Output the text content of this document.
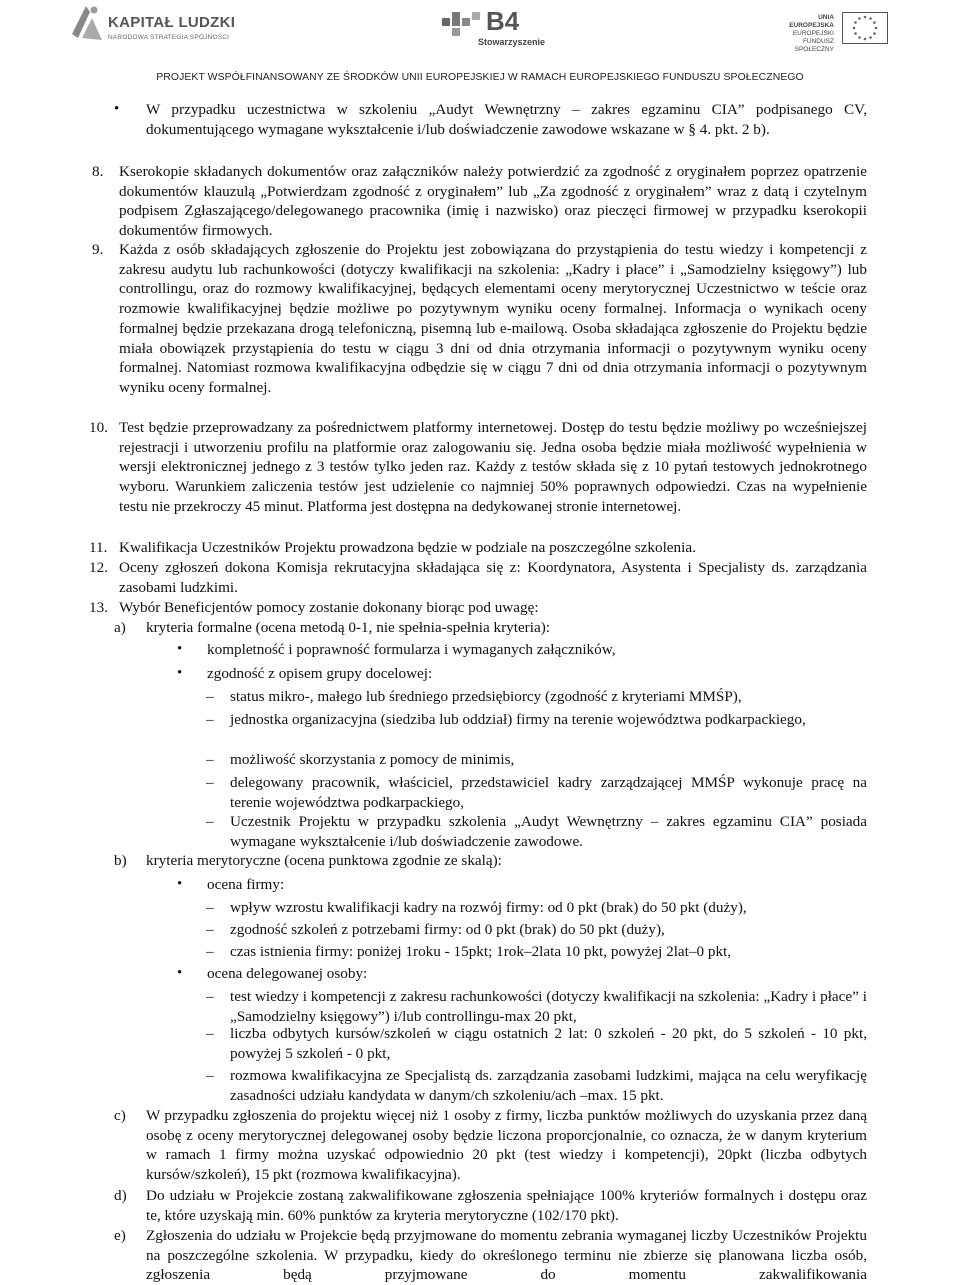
KAPITAŁ LUDZKI
NARODOWA STRATEGIA SPÓJNOŚCI
B4
Stowarzyszenie
UNIA EUROPEJSKA
EUROPEJSKI
FUNDUSZ SPOŁECZNY
PROJEKT WSPÓŁFINANSOWANY ZE ŚRODKÓW UNII EUROPEJSKIEJ W RAMACH EUROPEJSKIEGO FUNDUSZU SPOŁECZNEGO
• W przypadku uczestnictwa w szkoleniu „Audyt Wewnętrzny – zakres egzaminu CIA” podpisanego CV, dokumentującego wymagane wykształcenie i/lub doświadczenie zawodowe wskazane w § 4. pkt. 2 b).

8. Kserokopie składanych dokumentów oraz załączników należy potwierdzić za zgodność z oryginałem poprzez opatrzenie dokumentów klauzulą „Potwierdzam zgodność z oryginałem” lub „Za zgodność z oryginałem” wraz z datą i czytelnym podpisem Zgłaszającego/delegowanego pracownika (imię i nazwisko) oraz pieczęci firmowej w przypadku kserokopii dokumentów firmowych.

9. Każda z osób składających zgłoszenie do Projektu jest zobowiązana do przystąpienia do testu wiedzy i kompetencji z zakresu audytu lub rachunkowości (dotyczy kwalifikacji na szkolenia: „Kadry i płace” i „Samodzielny księgowy”) lub controllingu, oraz do rozmowy kwalifikacyjnej, będących elementami oceny merytorycznej Uczestnictwo w teście oraz rozmowie kwalifikacyjnej będzie możliwe po pozytywnym wyniku oceny formalnej. Informacja o wynikach oceny formalnej będzie przekazana drogą telefoniczną, pisemną lub e-mailową. Osoba składająca zgłoszenie do Projektu będzie miała obowiązek przystąpienia do testu w ciągu 3 dni od dnia otrzymania informacji o pozytywnym wyniku oceny formalnej. Natomiast rozmowa kwalifikacyjna odbędzie się w ciągu 7 dni od dnia otrzymania informacji o pozytywnym wyniku oceny formalnej.

10. Test będzie przeprowadzany za pośrednictwem platformy internetowej. Dostęp do testu będzie możliwy po wcześniejszej rejestracji i utworzeniu profilu na platformie oraz zalogowaniu się. Jedna osoba będzie miała możliwość wypełnienia w wersji elektronicznej jednego z 3 testów tylko jeden raz. Każdy z testów składa się z 10 pytań testowych jednokrotnego wyboru. Warunkiem zaliczenia testów jest udzielenie co najmniej 50% poprawnych odpowiedzi. Czas na wypełnienie testu nie przekroczy 45 minut. Platforma jest dostępna na dedykowanej stronie internetowej.

11. Kwalifikacja Uczestników Projektu prowadzona będzie w podziale na poszczególne szkolenia.

12. Oceny zgłoszeń dokona Komisja rekrutacyjna składająca się z: Koordynatora, Asystenta i Specjalisty ds. zarządzania zasobami ludzkimi.

13. Wybór Beneficjentów pomocy zostanie dokonany biorąc pod uwagę:

a) kryteria formalne (ocena metodą 0-1, nie spełnia-spełnia kryteria):

• kompletność i poprawność formularza i wymaganych załączników,

• zgodność z opisem grupy docelowej:

– status mikro-, małego lub średniego przedsiębiorcy (zgodność z kryteriami MMŚP),

– jednostka organizacyjna (siedziba lub oddział) firmy na terenie województwa podkarpackiego,

– możliwość skorzystania z pomocy de minimis,

– delegowany pracownik, właściciel, przedstawiciel kadry zarządzającej MMŚP wykonuje pracę na terenie województwa podkarpackiego,

– Uczestnik Projektu w przypadku szkolenia „Audyt Wewnętrzny – zakres egzaminu CIA” posiada wymagane wykształcenie i/lub doświadczenie zawodowe.

b) kryteria merytoryczne (ocena punktowa zgodnie ze skalą):

• ocena firmy:

– wpływ wzrostu kwalifikacji kadry na rozwój firmy: od 0 pkt (brak) do 50 pkt (duży),

– zgodność szkoleń z potrzebami firmy: od 0 pkt (brak) do 50 pkt (duży),

– czas istnienia firmy: poniżej 1roku - 15pkt; 1rok–2lata 10 pkt, powyżej 2lat–0 pkt,

• ocena delegowanej osoby:

– test wiedzy i kompetencji z zakresu rachunkowości (dotyczy kwalifikacji na szkolenia: „Kadry i płace” i „Samodzielny księgowy”) i/lub controllingu-max 20 pkt,

– liczba odbytych kursów/szkoleń w ciągu ostatnich 2 lat: 0 szkoleń - 20 pkt, do 5 szkoleń - 10 pkt, powyżej 5 szkoleń - 0 pkt,

– rozmowa kwalifikacyjna ze Specjalistą ds. zarządzania zasobami ludzkimi, mająca na celu weryfikację zasadności udziału kandydata w danym/ch szkoleniu/ach –max. 15 pkt.

c) W przypadku zgłoszenia do projektu więcej niż 1 osoby z firmy, liczba punktów możliwych do uzyskania przez daną osobę z oceny merytorycznej delegowanej osoby będzie liczona proporcjonalnie, co oznacza, że w danym kryterium w ramach 1 firmy można uzyskać odpowiednio 20 pkt (test wiedzy i kompetencji), 20pkt (liczba odbytych kursów/szkoleń), 15 pkt (rozmowa kwalifikacyjna).

d) Do udziału w Projekcie zostaną zakwalifikowane zgłoszenia spełniające 100% kryteriów formalnych i dostępu oraz te, które uzyskają min. 60% punktów za kryteria merytoryczne (102/170 pkt).

e) Zgłoszenia do udziału w Projekcie będą przyjmowane do momentu zebrania wymaganej liczby Uczestników Projektu na poszczególne szkolenia. W przypadku, kiedy do określonego terminu nie zbierze się planowana liczba osób, zgłoszenia będą przyjmowane do momentu zakwalifikowania
